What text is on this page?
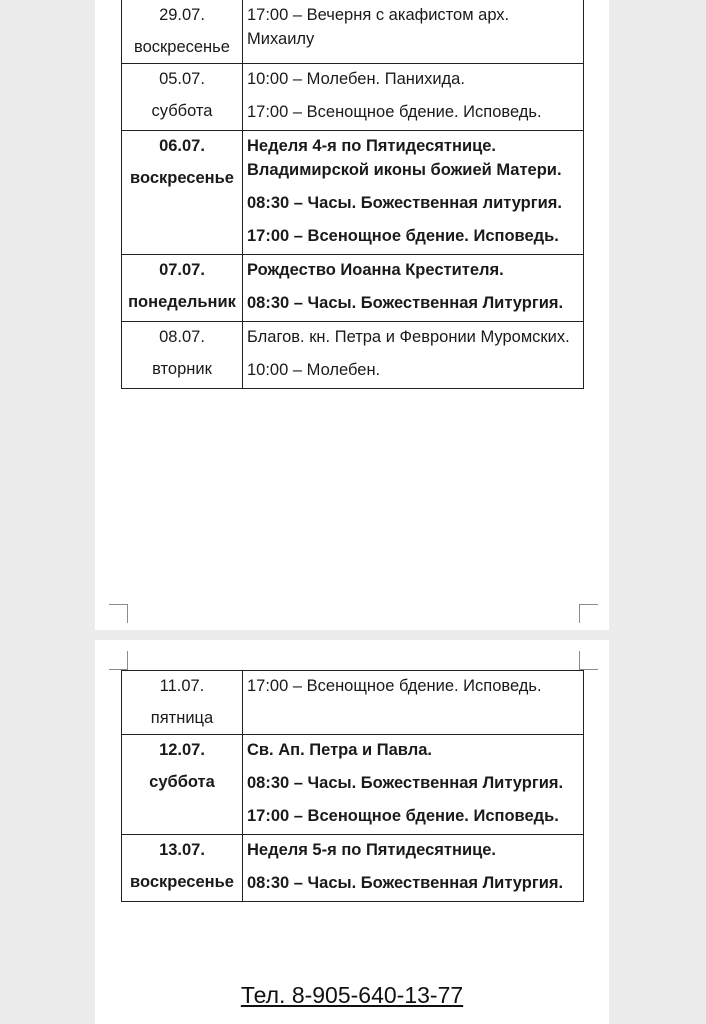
29.07.
воскресенье	17:00 – Вечерня с акафистом арх. Михаилу

05.07.
суббота	10:00 – Молебен. Панихида.
17:00 – Всенощное бдение. Исповедь.

06.07.
воскресенье	Неделя 4-я по Пятидесятнице. Владимирской иконы божией Матери.
08:30 – Часы. Божественная литургия.
17:00 – Всенощное бдение. Исповедь.

07.07.
понедельник	Рождество Иоанна Крестителя.
08:30 – Часы. Божественная Литургия.

08.07.
вторник	Благов. кн. Петра и Февронии Муромских.
10:00 – Молебен.
11.07.
пятница	17:00 – Всенощное бдение. Исповедь.

12.07.
суббота	Св. Ап. Петра и Павла.
08:30 – Часы. Божественная Литургия.
17:00 – Всенощное бдение. Исповедь.

13.07.
воскресенье	Неделя 5-я по Пятидесятнице.
08:30 – Часы. Божественная Литургия.
Тел. 8-905-640-13-77
